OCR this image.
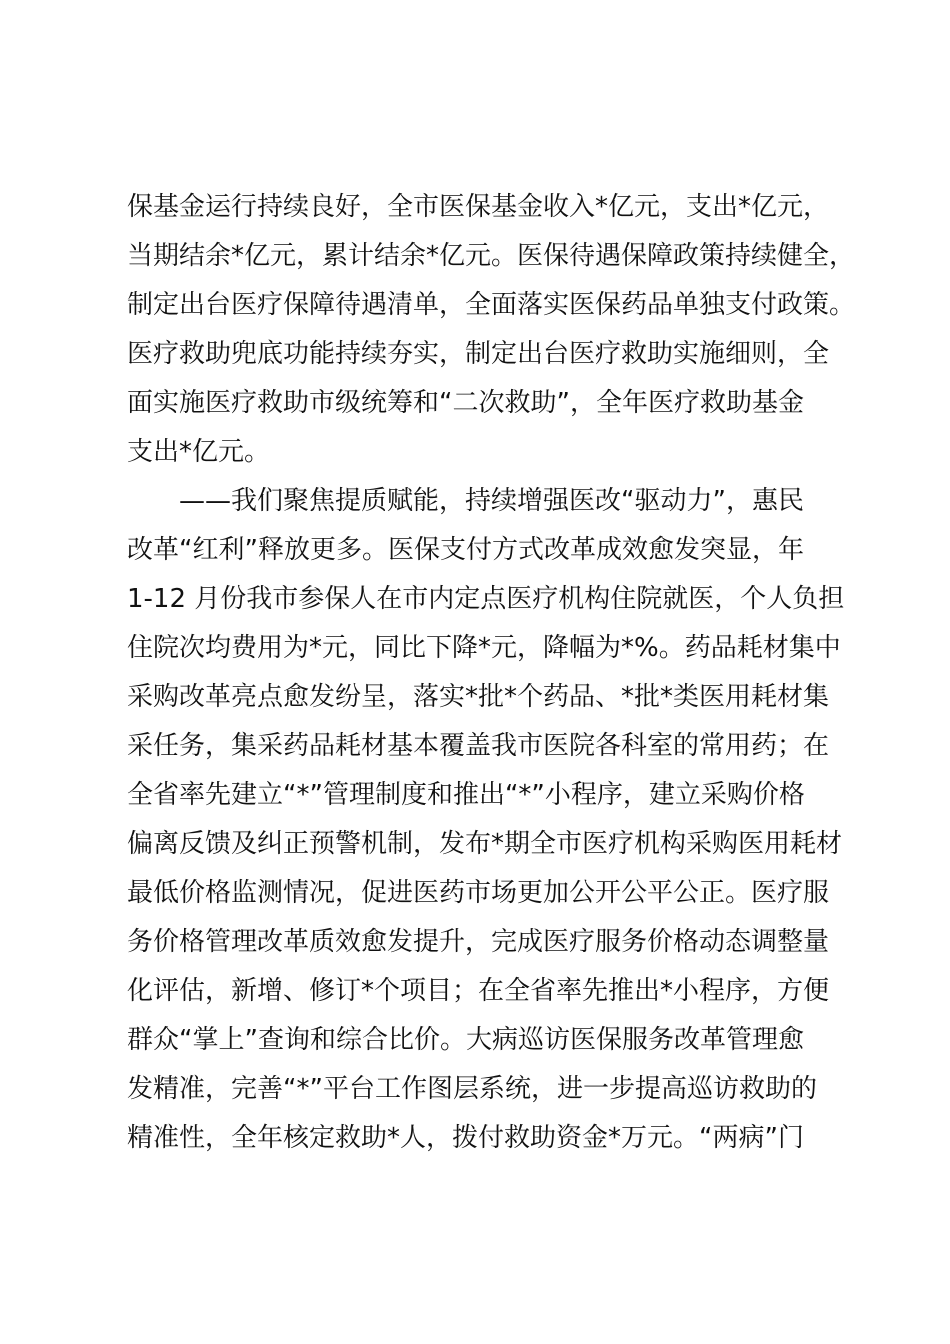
保基金运行持续良好，全市医保基金收入*亿元，支出*亿元，
当期结余*亿元，累计结余*亿元。医保待遇保障政策持续健全，
制定出台医疗保障待遇清单，全面落实医保药品单独支付政策。
医疗救助兜底功能持续夯实，制定出台医疗救助实施细则，全
面实施医疗救助市级统筹和“二次救助”，全年医疗救助基金
支出*亿元。
　　——我们聚焦提质赋能，持续增强医改“驱动力”，惠民
改革“红利”释放更多。医保支付方式改革成效愈发突显，年
1-12 月份我市参保人在市内定点医疗机构住院就医，个人负担
住院次均费用为*元，同比下降*元，降幅为*%。药品耗材集中
采购改革亮点愈发纷呈，落实*批*个药品、*批*类医用耗材集
采任务，集采药品耗材基本覆盖我市医院各科室的常用药；在
全省率先建立“*”管理制度和推出“*”小程序，建立采购价格
偏离反馈及纠正预警机制，发布*期全市医疗机构采购医用耗材
最低价格监测情况，促进医药市场更加公开公平公正。医疗服
务价格管理改革质效愈发提升，完成医疗服务价格动态调整量
化评估，新增、修订*个项目；在全省率先推出*小程序，方便
群众“掌上”查询和综合比价。大病巡访医保服务改革管理愈
发精准，完善“*”平台工作图层系统，进一步提高巡访救助的
精准性，全年核定救助*人，拨付救助资金*万元。“两病”门
